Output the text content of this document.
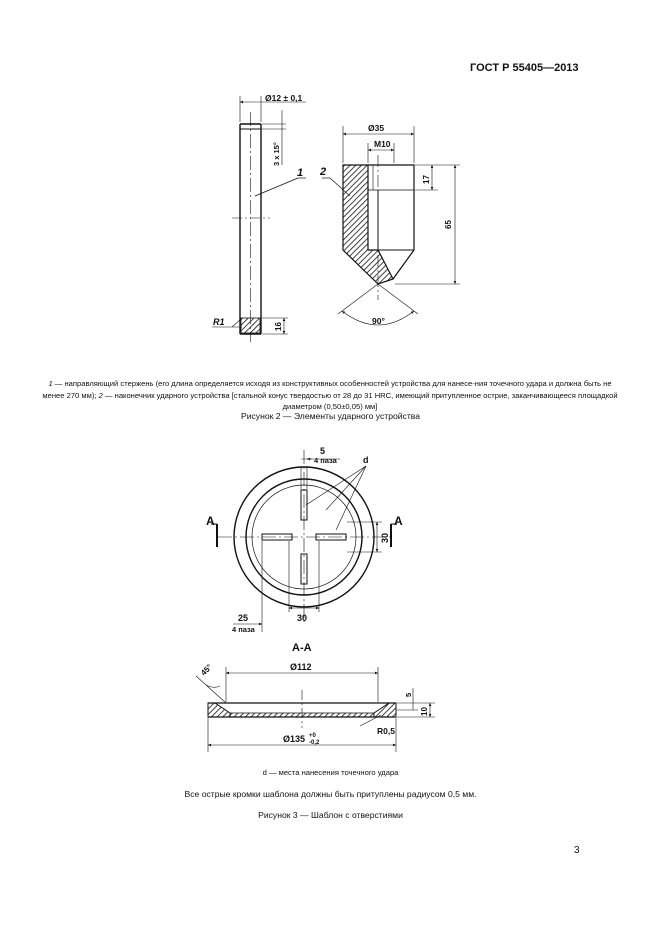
ГОСТ Р 55405—2013
Ø12 ± 0,1
3 x 15°
1
R1	16
Ø35
M10
17
65
2
90°
5
4 паза	d
A	A
30
25
4 паза
30
А-А
Ø112
45°
5
10
Ø135 +0
-0,2
R0,5
1 — направляющий стержень (его длина определяется исходя из конструктивных особенностей устройства для нанесе-ния точечного удара и должна быть не менее 270 мм); 2 — наконечник ударного устройства [стальной конус твердостью от 28 до 31 HRC, имеющий притупленное острие, заканчивающееся площадкой диаметром (0,50±0,05) мм]
Рисунок 2 — Элементы ударного устройства
d — места нанесения точечного удара
Все острые кромки шаблона должны быть притуплены радиусом 0,5 мм.
Рисунок 3 — Шаблон с отверстиями
3
